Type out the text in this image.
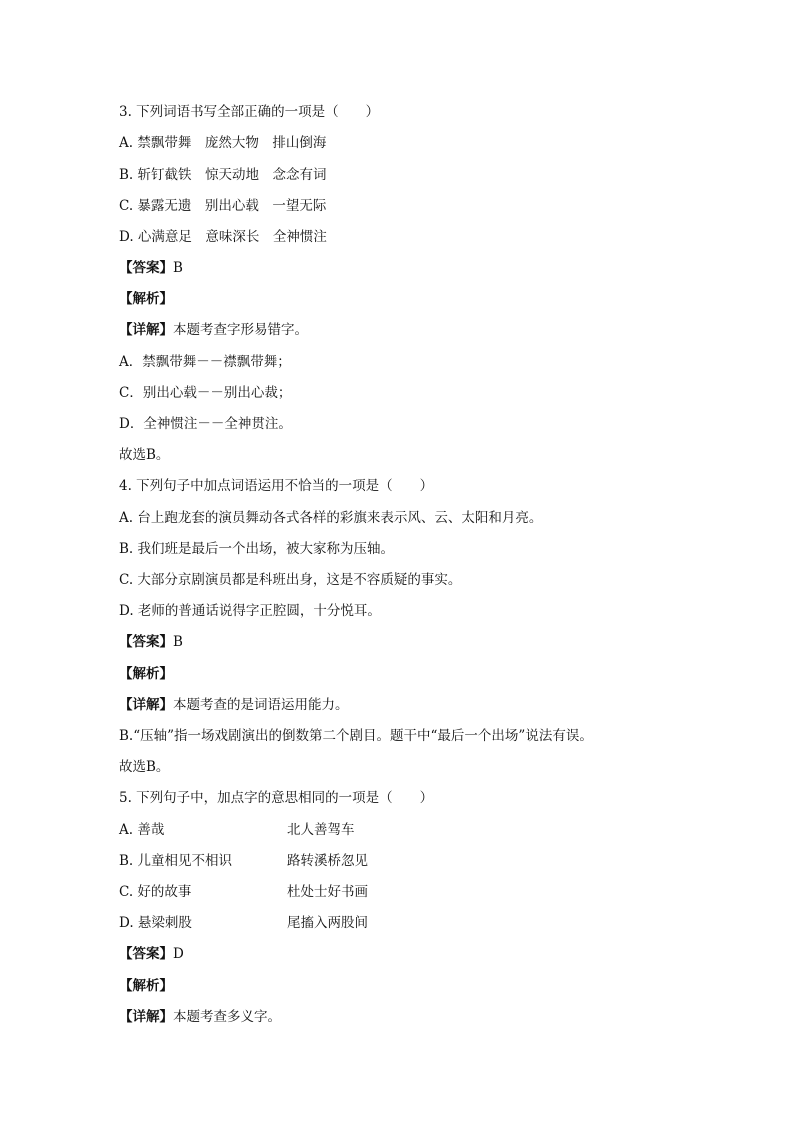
3. 下列词语书写全部正确的一项是（　　）
A. 禁飘带舞　庞然大物　排山倒海
B. 斩钉截铁　惊天动地　念念有词
C. 暴露无遗　别出心载　一望无际
D. 心满意足　意味深长　全神惯注
【答案】B
【解析】
【详解】本题考查字形易错字。
A．禁飘带舞－－襟飘带舞；
C．别出心载－－别出心裁；
D．全神惯注－－全神贯注。
故选B。
4. 下列句子中加点词语运用不恰当的一项是（　　）
A. 台上跑龙套的演员舞动各式各样的彩旗来表示风、云、太阳和月亮。
B. 我们班是最后一个出场，被大家称为压轴。
C. 大部分京剧演员都是科班出身，这是不容质疑的事实。
D. 老师的普通话说得字正腔圆，十分悦耳。
【答案】B
【解析】
【详解】本题考查的是词语运用能力。
B.“压轴”指一场戏剧演出的倒数第二个剧目。题干中“最后一个出场”说法有误。
故选B。
5. 下列句子中，加点字的意思相同的一项是（　　）
A. 善哉	北人善驾车
B. 儿童相见不相识	路转溪桥忽见
C. 好的故事	杜处士好书画
D. 悬梁刺股	尾搐入两股间
【答案】D
【解析】
【详解】本题考查多义字。
